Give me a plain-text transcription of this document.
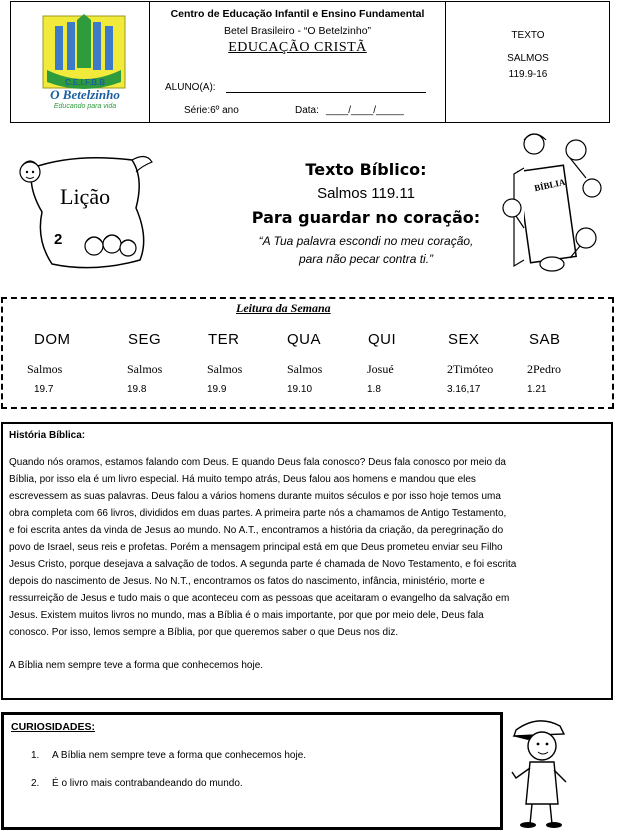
C.E.I.F.B.B
O Betelzinho
Educando para vida
Centro de Educação Infantil e Ensino Fundamental
Betel Brasileiro - “O Betelzinho”
EDUCAÇÃO CRISTÃ
ALUNO(A):
Série:6º ano	Data: ____/____/_____
TEXTO
SALMOS
119.9-16
Lição
2
Texto Bíblico:
Salmos 119.11
Para guardar no coração:
“A Tua palavra escondi no meu coração,
para não pecar contra ti.”
BÍBLIA
Leitura da Semana
DOM	SEG	TER	QUA	QUI	SEX	SAB
Salmos	Salmos	Salmos	Salmos	Josué	2Timóteo	2Pedro
19.7	19.8	19.9	19.10	1.8	3.16,17	1.21
História Bíblica:
Quando nós oramos, estamos falando com Deus. E quando Deus fala conosco? Deus fala conosco por meio da
Bíblia, por isso ela é um livro especial. Há muito tempo atrás, Deus falou aos homens e mandou que eles
escrevessem as suas palavras. Deus falou a vários homens durante muitos séculos e por isso hoje temos uma
obra completa com 66 livros, divididos em duas partes. A primeira parte nós a chamamos de Antigo Testamento,
e foi escrita antes da vinda de Jesus ao mundo. No A.T., encontramos a história da criação, da peregrinação do
povo de Israel, seus reis e profetas. Porém a mensagem principal está em que Deus prometeu enviar seu Filho
Jesus Cristo, porque desejava a salvação de todos. A segunda parte é chamada de Novo Testamento, e foi escrita
depois do nascimento de Jesus. No N.T., encontramos os fatos do nascimento, infância, ministério, morte e
ressurreição de Jesus e tudo mais o que aconteceu com as pessoas que aceitaram o evangelho da salvação em
Jesus. Existem muitos livros no mundo, mas a Bíblia é o mais importante, por que por meio dele, Deus fala
conosco. Por isso, lemos sempre a Bíblia, por que queremos saber o que Deus nos diz.
A Bíblia nem sempre teve a forma que conhecemos hoje.
CURIOSIDADES:
1. A Bíblia nem sempre teve a forma que conhecemos hoje.
2. É o livro mais contrabandeando do mundo.
